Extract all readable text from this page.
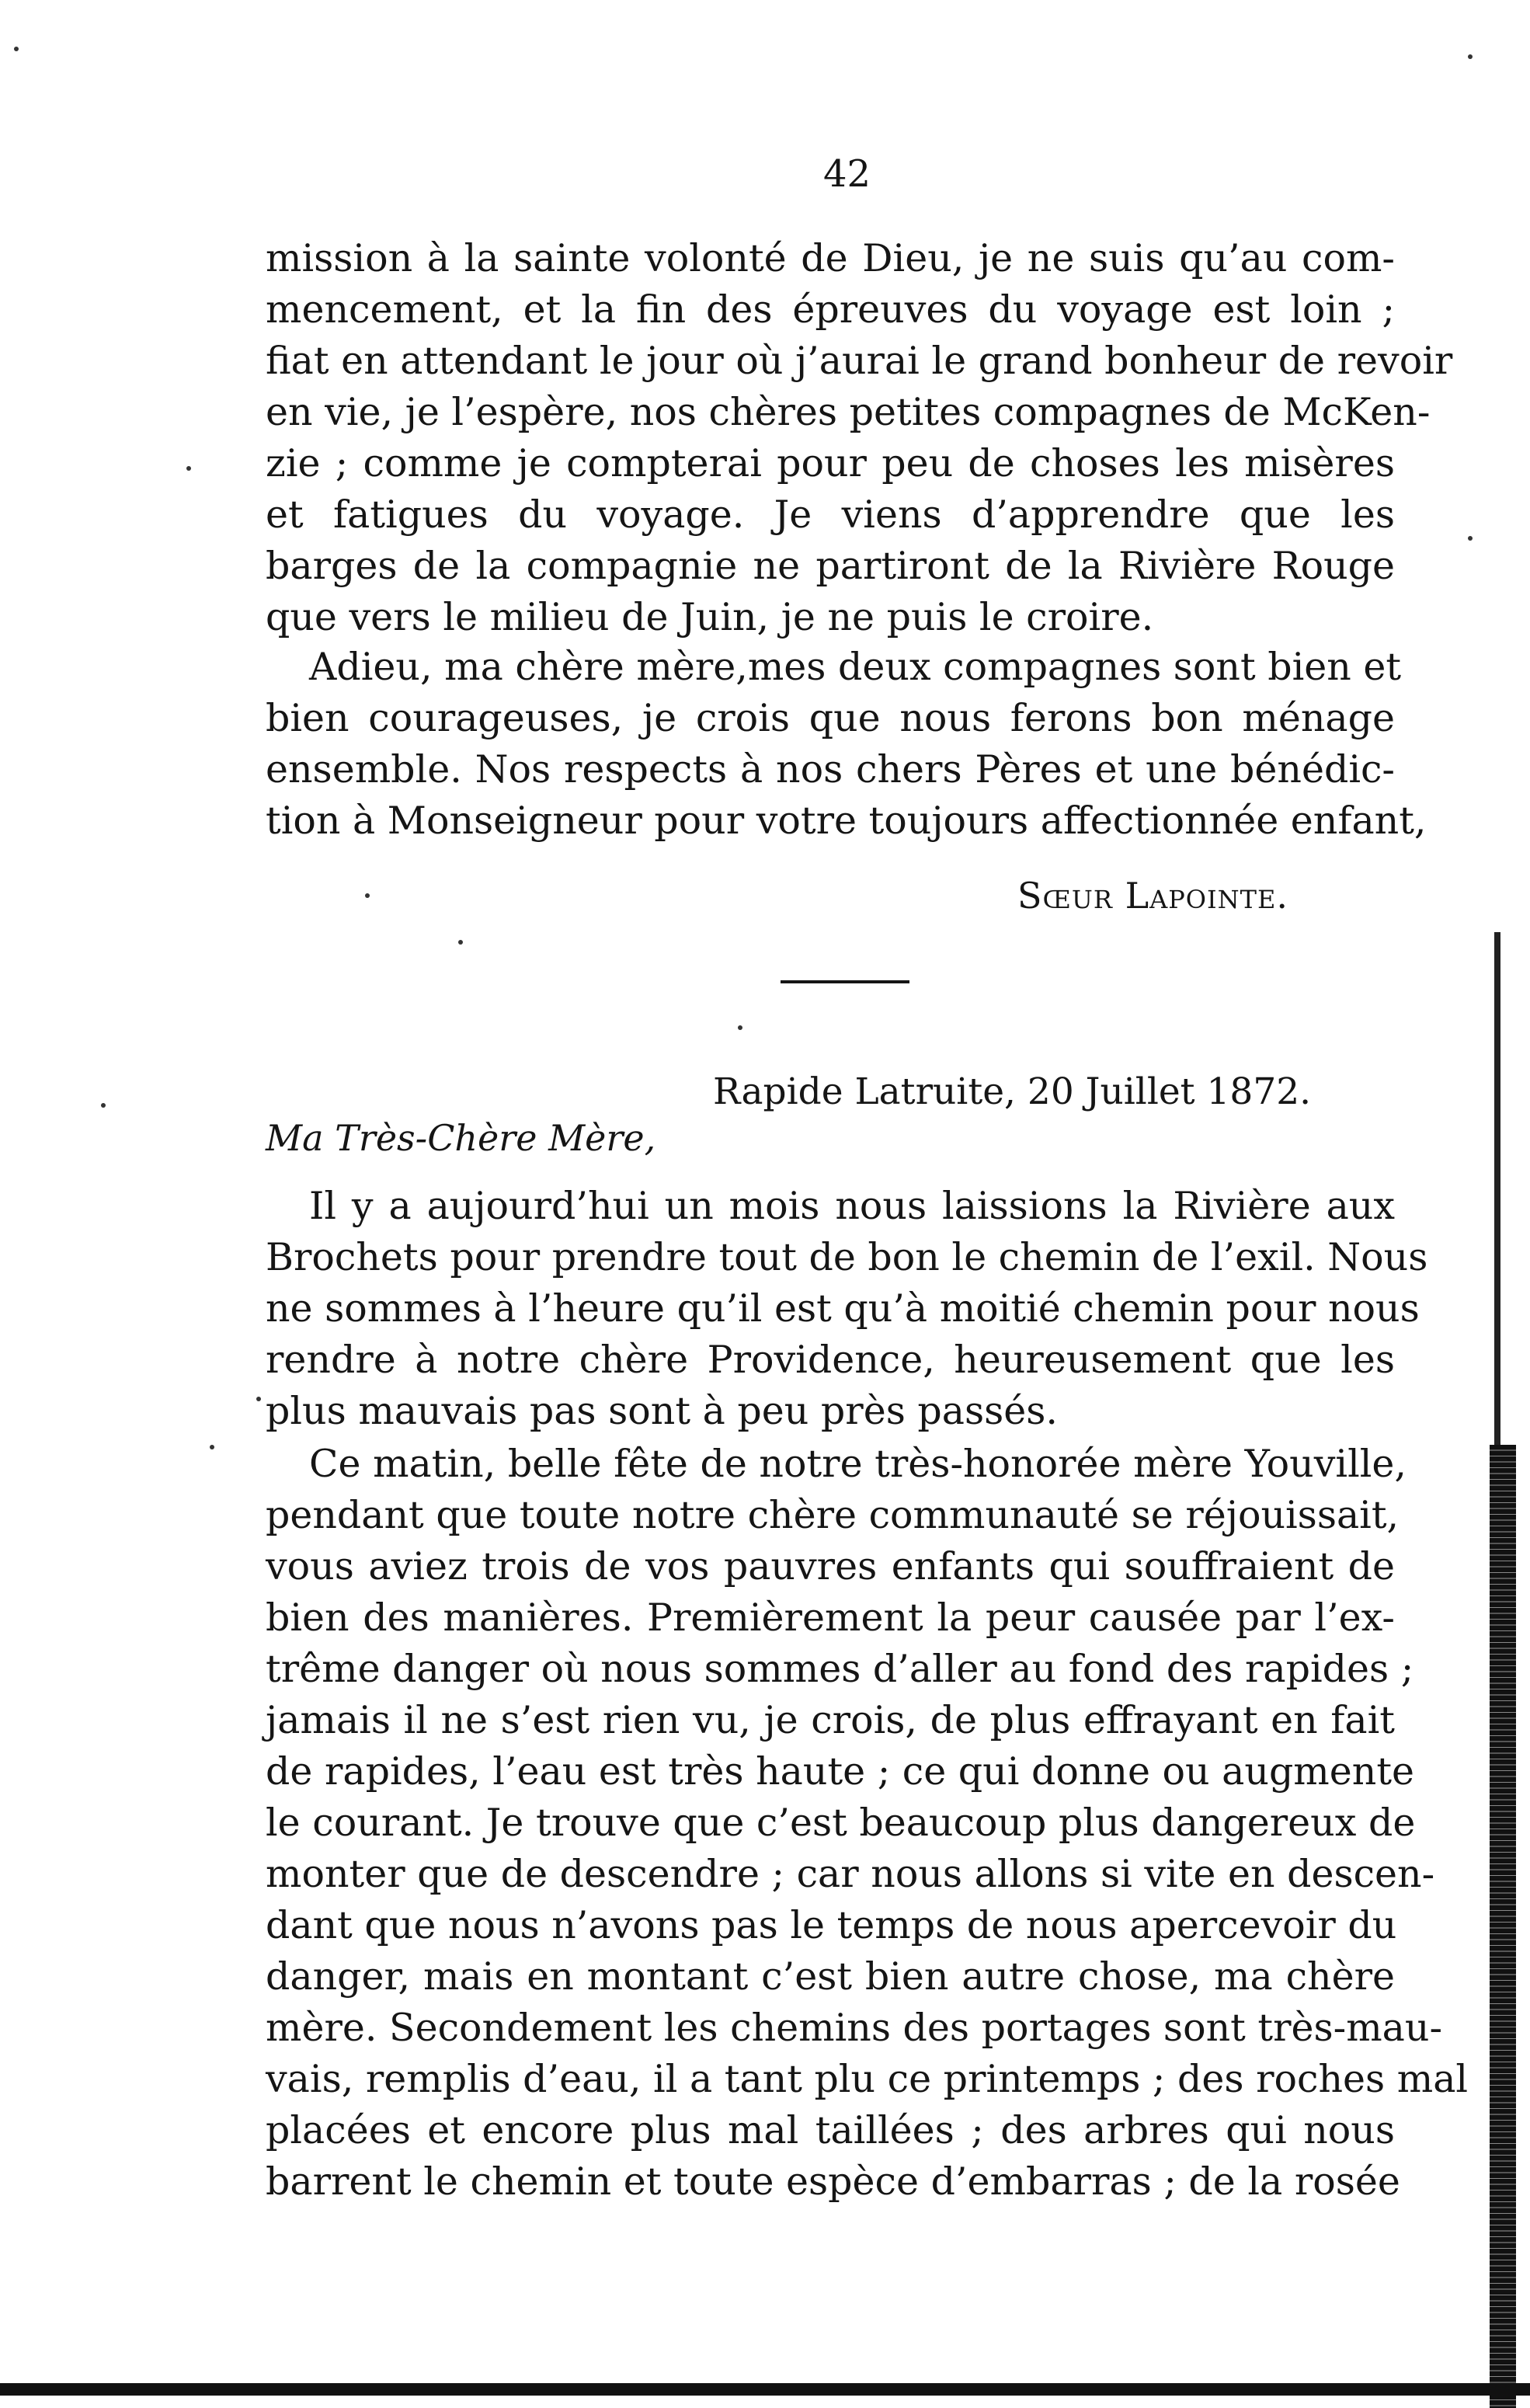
42
mission à la sainte volonté de Dieu, je ne suis qu’au com-
mencement, et la fin des épreuves du voyage est loin ;
fiat en attendant le jour où j’aurai le grand bonheur de revoir
en vie, je l’espère, nos chères petites compagnes de McKen-
zie ; comme je compterai pour peu de choses les misères
et fatigues du voyage. Je viens d’apprendre que les
barges de la compagnie ne partiront de la Rivière Rouge
que vers le milieu de Juin, je ne puis le croire.
Adieu, ma chère mère,mes deux compagnes sont bien et
bien courageuses, je crois que nous ferons bon ménage
ensemble. Nos respects à nos chers Pères et une bénédic-
tion à Monseigneur pour votre toujours affectionnée enfant,
Sœur Lapointe.
Rapide Latruite, 20 Juillet 1872.
Ma Très-Chère Mère,
Il y a aujourd’hui un mois nous laissions la Rivière aux
Brochets pour prendre tout de bon le chemin de l’exil. Nous
ne sommes à l’heure qu’il est qu’à moitié chemin pour nous
rendre à notre chère Providence, heureusement que les
plus mauvais pas sont à peu près passés.
Ce matin, belle fête de notre très-honorée mère Youville,
pendant que toute notre chère communauté se réjouissait,
vous aviez trois de vos pauvres enfants qui souffraient de
bien des manières. Premièrement la peur causée par l’ex-
trême danger où nous sommes d’aller au fond des rapides ;
jamais il ne s’est rien vu, je crois, de plus effrayant en fait
de rapides, l’eau est très haute ; ce qui donne ou augmente
le courant. Je trouve que c’est beaucoup plus dangereux de
monter que de descendre ; car nous allons si vite en descen-
dant que nous n’avons pas le temps de nous apercevoir du
danger, mais en montant c’est bien autre chose, ma chère
mère. Secondement les chemins des portages sont très-mau-
vais, remplis d’eau, il a tant plu ce printemps ; des roches mal
placées et encore plus mal taillées ; des arbres qui nous
barrent le chemin et toute espèce d’embarras ; de la rosée
